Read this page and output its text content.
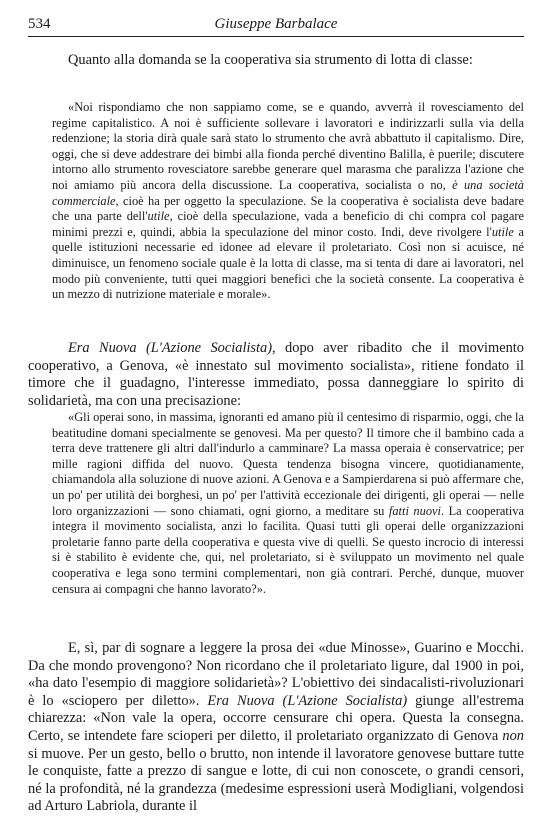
534	Giuseppe Barbalace

Quanto alla domanda se la cooperativa sia strumento di lotta di classe:

«Noi rispondiamo che non sappiamo come, se e quando, avverrà il rovesciamento del regime capitalistico. A noi è sufficiente sollevare i lavoratori e indirizzarli sulla via della redenzione; la storia dirà quale sarà stato lo strumento che avrà abbattuto il capitalismo. Dire, oggi, che si deve addestrare dei bimbi alla fionda perché diventino Balilla, è puerile; discutere intorno allo strumento rovesciatore sarebbe generare quel marasma che paralizza l'azione che noi amiamo più ancora della discussione. La cooperativa, socialista o no, è una società commerciale, cioè ha per oggetto la speculazione. Se la cooperativa è socialista deve badare che una parte dell'utile, cioè della speculazione, vada a beneficio di chi compra col pagare minimi prezzi e, quindi, abbia la speculazione del minor costo. Indi, deve rivolgere l'utile a quelle istituzioni necessarie ed idonee ad elevare il proletariato. Così non si acuisce, né diminuisce, un fenomeno sociale quale è la lotta di classe, ma si tenta di dare ai lavoratori, nel modo più conveniente, tutti quei maggiori benefici che la società consente. La cooperativa è un mezzo di nutrizione materiale e morale».

Era Nuova (L'Azione Socialista), dopo aver ribadito che il movimento cooperativo, a Genova, «è innestato sul movimento socialista», ritiene fondato il timore che il guadagno, l'interesse immediato, possa danneggiare lo spirito di solidarietà, ma con una precisazione:

«Gli operai sono, in massima, ignoranti ed amano più il centesimo di risparmio, oggi, che la beatitudine domani specialmente se genovesi. Ma per questo? Il timore che il bambino cada a terra deve trattenere gli altri dall'indurlo a camminare? La massa operaia è conservatrice; per mille ragioni diffida del nuovo. Questa tendenza bisogna vincere, quotidianamente, chiamandola alla soluzione di nuove azioni. A Genova e a Sampierdarena si può affermare che, un po' per utilità dei borghesi, un po' per l'attività eccezionale dei dirigenti, gli operai — nelle loro organizzazioni — sono chiamati, ogni giorno, a meditare su fatti nuovi. La cooperativa integra il movimento socialista, anzi lo facilita. Quasi tutti gli operai delle organizzazioni proletarie fanno parte della cooperativa e questa vive di quelli. Se questo incrocio di interessi si è stabilito è evidente che, qui, nel proletariato, si è sviluppato un movimento nel quale cooperativa e lega sono termini complementari, non già contrari. Perché, dunque, muover censura ai compagni che hanno lavorato?».

E, sì, par di sognare a leggere la prosa dei «due Minosse», Guarino e Mocchi. Da che mondo provengono? Non ricordano che il proletariato ligure, dal 1900 in poi, «ha dato l'esempio di maggiore solidarietà»? L'obiettivo dei sindacalisti-rivoluzionari è lo «sciopero per diletto». Era Nuova (L'Azione Socialista) giunge all'estrema chiarezza: «Non vale la opera, occorre censurare chi opera. Questa la consegna. Certo, se intendete fare scioperi per diletto, il proletariato organizzato di Genova non si muove. Per un gesto, bello o brutto, non intende il lavoratore genovese buttare tutte le conquiste, fatte a prezzo di sangue e lotte, di cui non conoscete, o grandi censori, né la profondità, né la grandezza (medesime espressioni userà Modigliani, volgendosi ad Arturo Labriola, durante il
